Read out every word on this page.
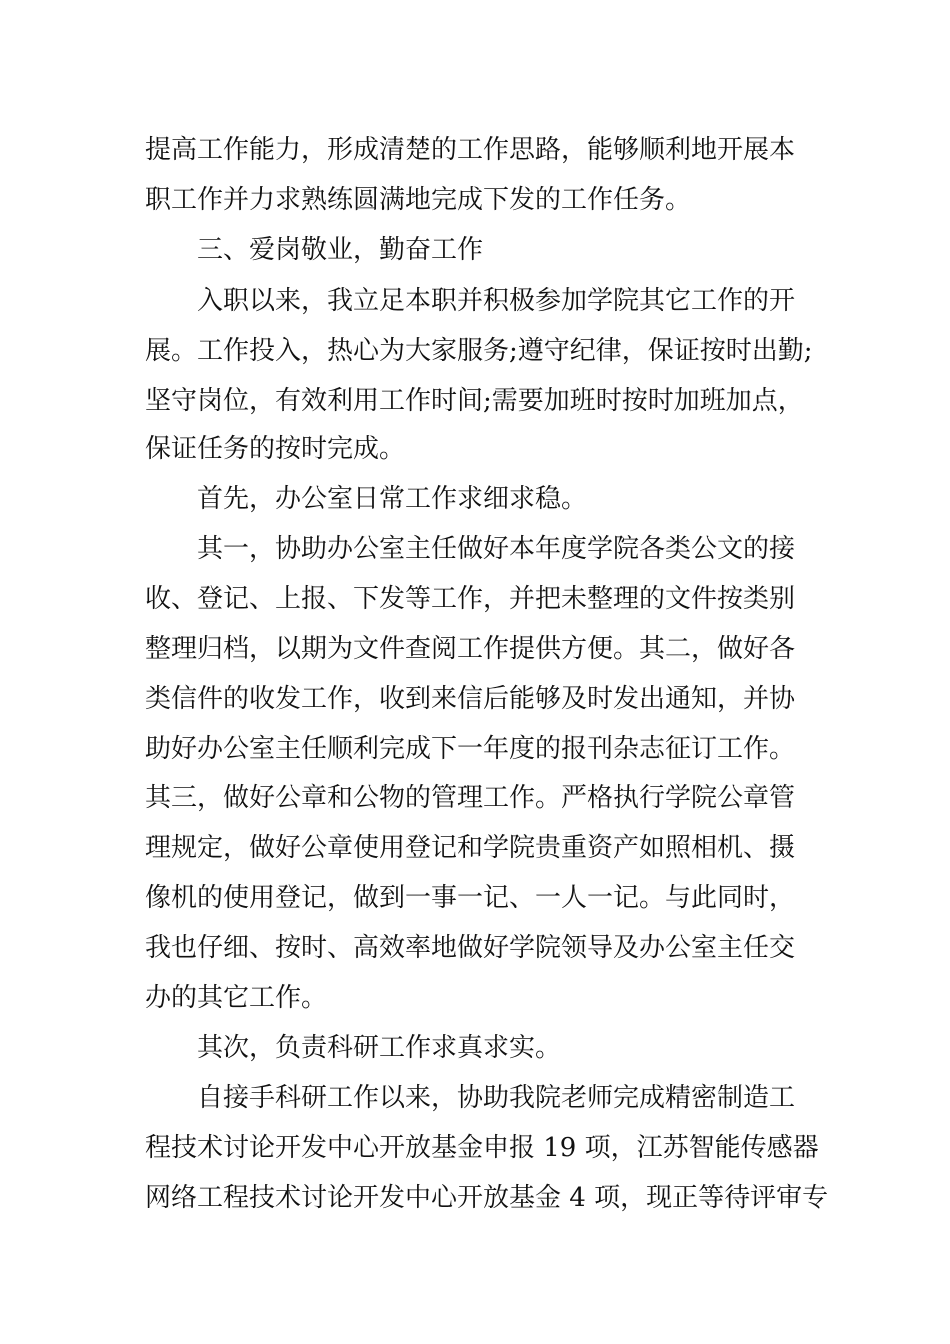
提高工作能力，形成清楚的工作思路，能够顺利地开展本
职工作并力求熟练圆满地完成下发的工作任务。
三、爱岗敬业，勤奋工作
入职以来，我立足本职并积极参加学院其它工作的开
展。工作投入，热心为大家服务;遵守纪律，保证按时出勤;
坚守岗位，有效利用工作时间;需要加班时按时加班加点，
保证任务的按时完成。
首先，办公室日常工作求细求稳。
其一，协助办公室主任做好本年度学院各类公文的接
收、登记、上报、下发等工作，并把未整理的文件按类别
整理归档，以期为文件查阅工作提供方便。其二，做好各
类信件的收发工作，收到来信后能够及时发出通知，并协
助好办公室主任顺利完成下一年度的报刊杂志征订工作。
其三，做好公章和公物的管理工作。严格执行学院公章管
理规定，做好公章使用登记和学院贵重资产如照相机、摄
像机的使用登记，做到一事一记、一人一记。与此同时，
我也仔细、按时、高效率地做好学院领导及办公室主任交
办的其它工作。
其次，负责科研工作求真求实。
自接手科研工作以来，协助我院老师完成精密制造工
程技术讨论开发中心开放基金申报 19 项，江苏智能传感器
网络工程技术讨论开发中心开放基金 4 项，现正等待评审专
